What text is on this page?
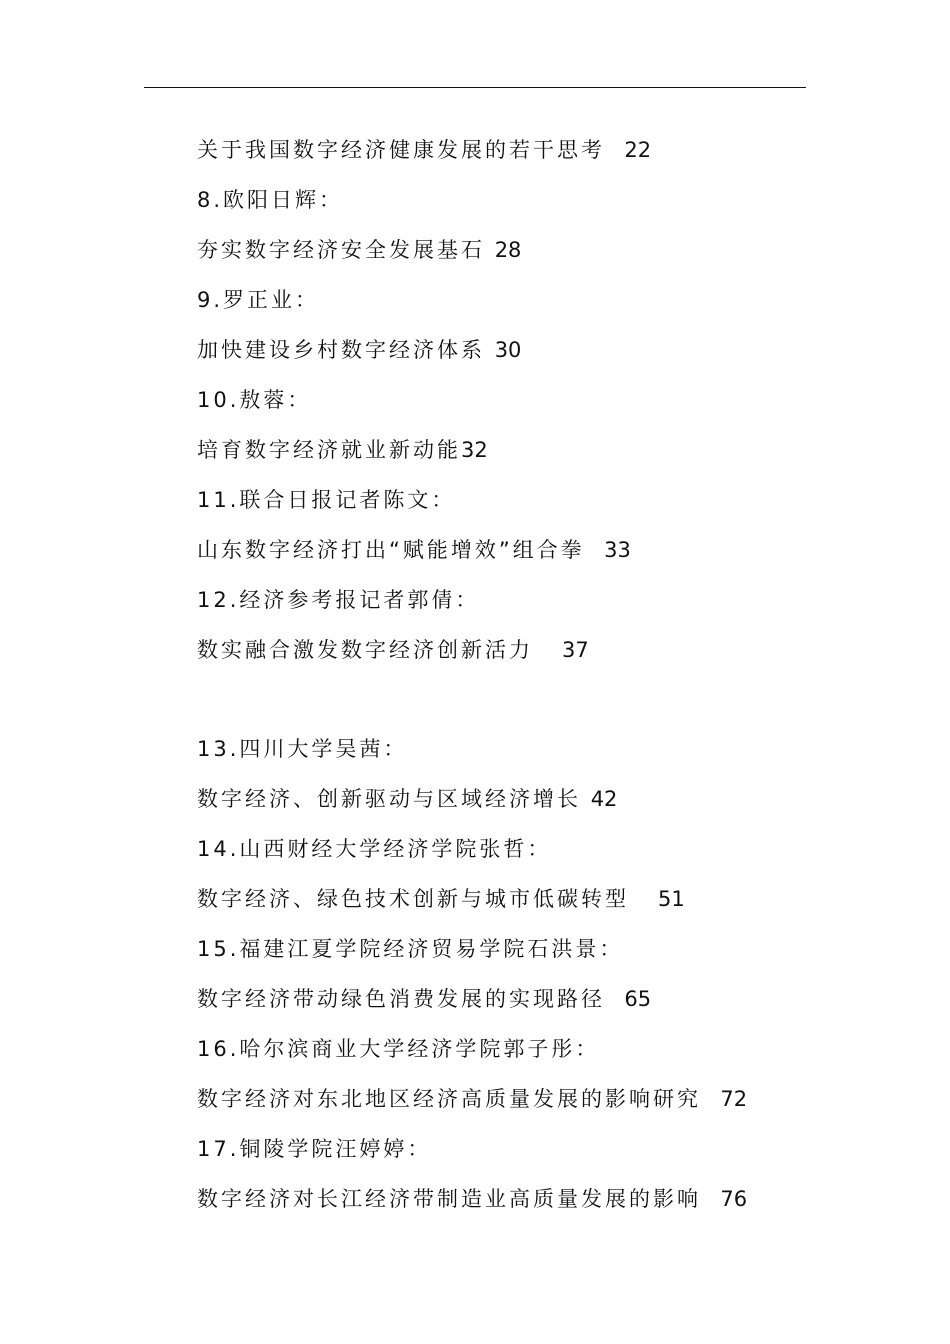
关于我国数字经济健康发展的若干思考 22
8.欧阳日辉：
夯实数字经济安全发展基石 28
9.罗正业：
加快建设乡村数字经济体系 30
10.敖蓉：
培育数字经济就业新动能32
11.联合日报记者陈文：
山东数字经济打出“赋能增效”组合拳 33
12.经济参考报记者郭倩：
数实融合激发数字经济创新活力 37
13.四川大学吴茜：
数字经济、创新驱动与区域经济增长 42
14.山西财经大学经济学院张哲：
数字经济、绿色技术创新与城市低碳转型 51
15.福建江夏学院经济贸易学院石洪景：
数字经济带动绿色消费发展的实现路径 65
16.哈尔滨商业大学经济学院郭子彤：
数字经济对东北地区经济高质量发展的影响研究 72
17.铜陵学院汪婷婷：
数字经济对长江经济带制造业高质量发展的影响 76
